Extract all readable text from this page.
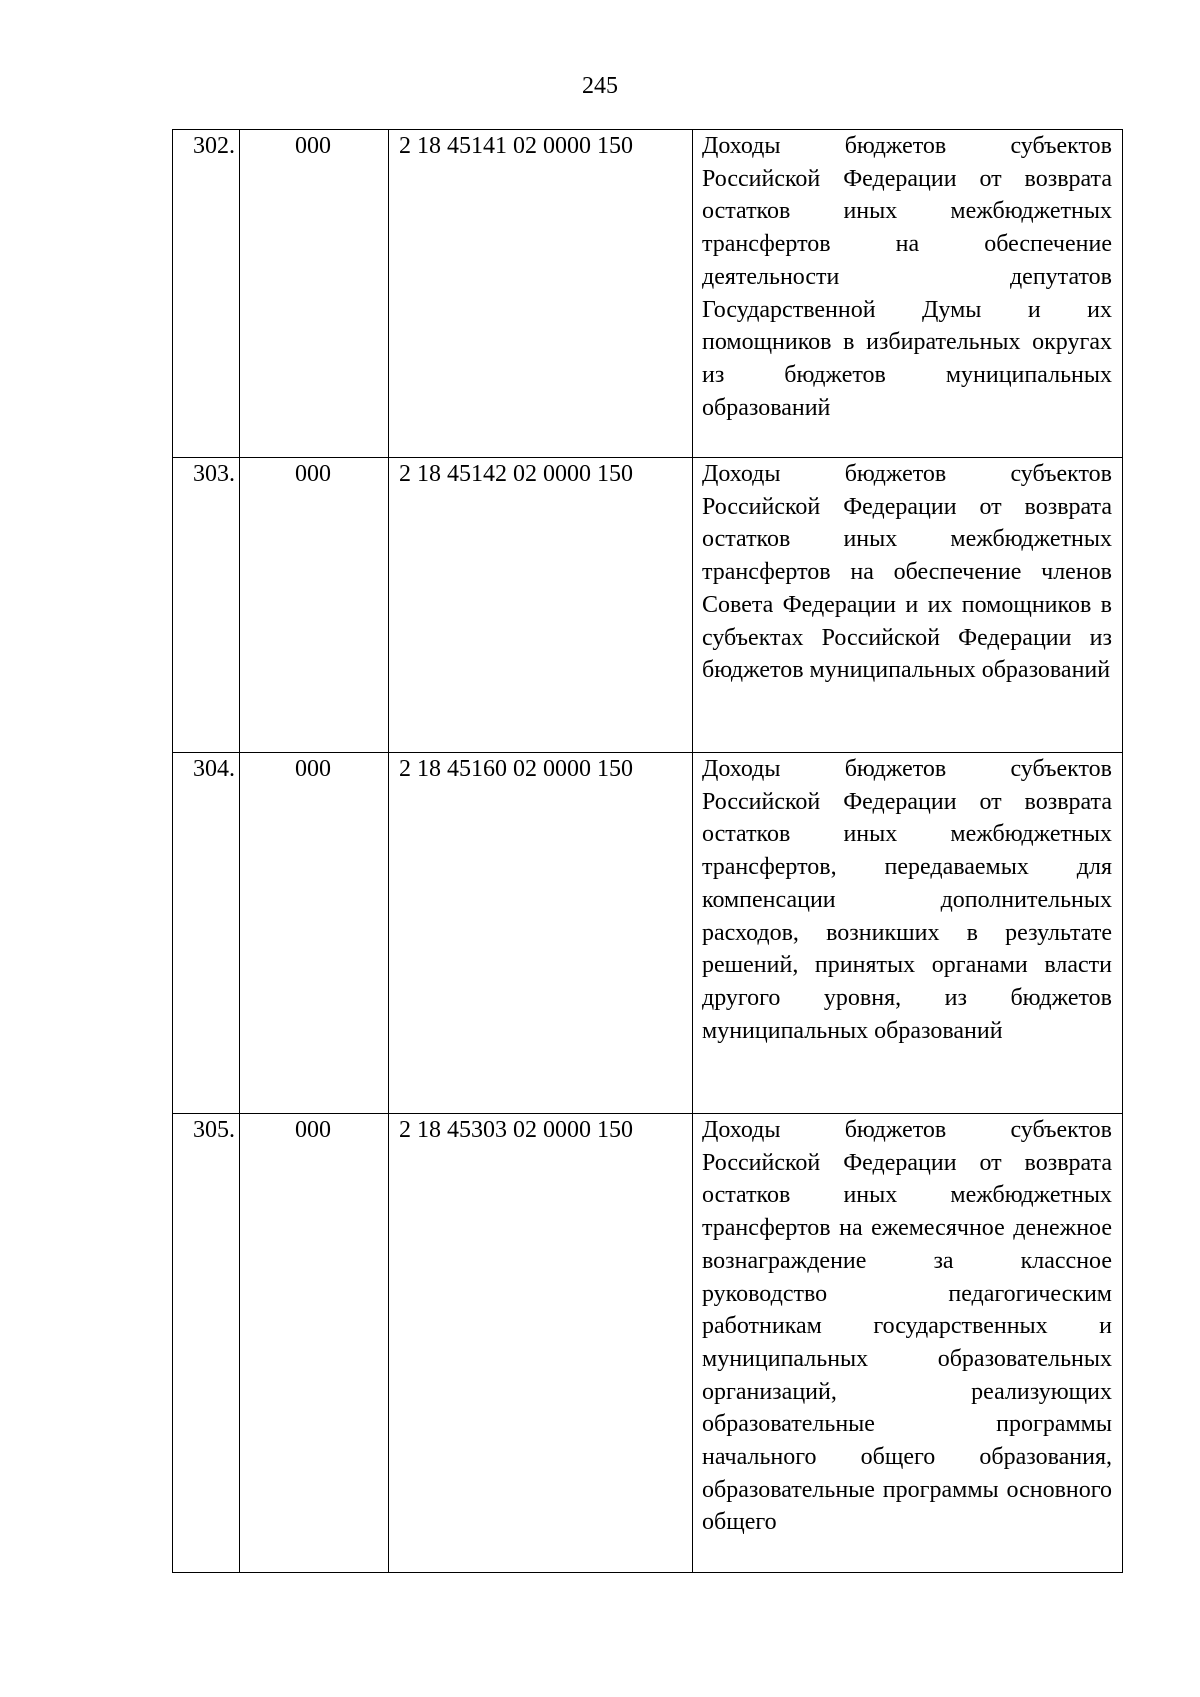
245
302.	000	2 18 45141 02 0000 150	Доходы бюджетов субъектов Российской Федерации от возврата остатков иных межбюджетных трансфертов на обеспечение деятельности депутатов Государственной Думы и их помощников в избирательных округах из бюджетов муниципальных образований
303.	000	2 18 45142 02 0000 150	Доходы бюджетов субъектов Российской Федерации от возврата остатков иных межбюджетных трансфертов на обеспечение членов Совета Федерации и их помощников в субъектах Российской Федерации из бюджетов муниципальных образований
304.	000	2 18 45160 02 0000 150	Доходы бюджетов субъектов Российской Федерации от возврата остатков иных межбюджетных трансфертов, передаваемых для компенсации дополнительных расходов, возникших в результате решений, принятых органами власти другого уровня, из бюджетов муниципальных образований
305.	000	2 18 45303 02 0000 150	Доходы бюджетов субъектов Российской Федерации от возврата остатков иных межбюджетных трансфертов на ежемесячное денежное вознаграждение за классное руководство педагогическим работникам государственных и муниципальных образовательных организаций, реализующих образовательные программы начального общего образования, образовательные программы основного общего
